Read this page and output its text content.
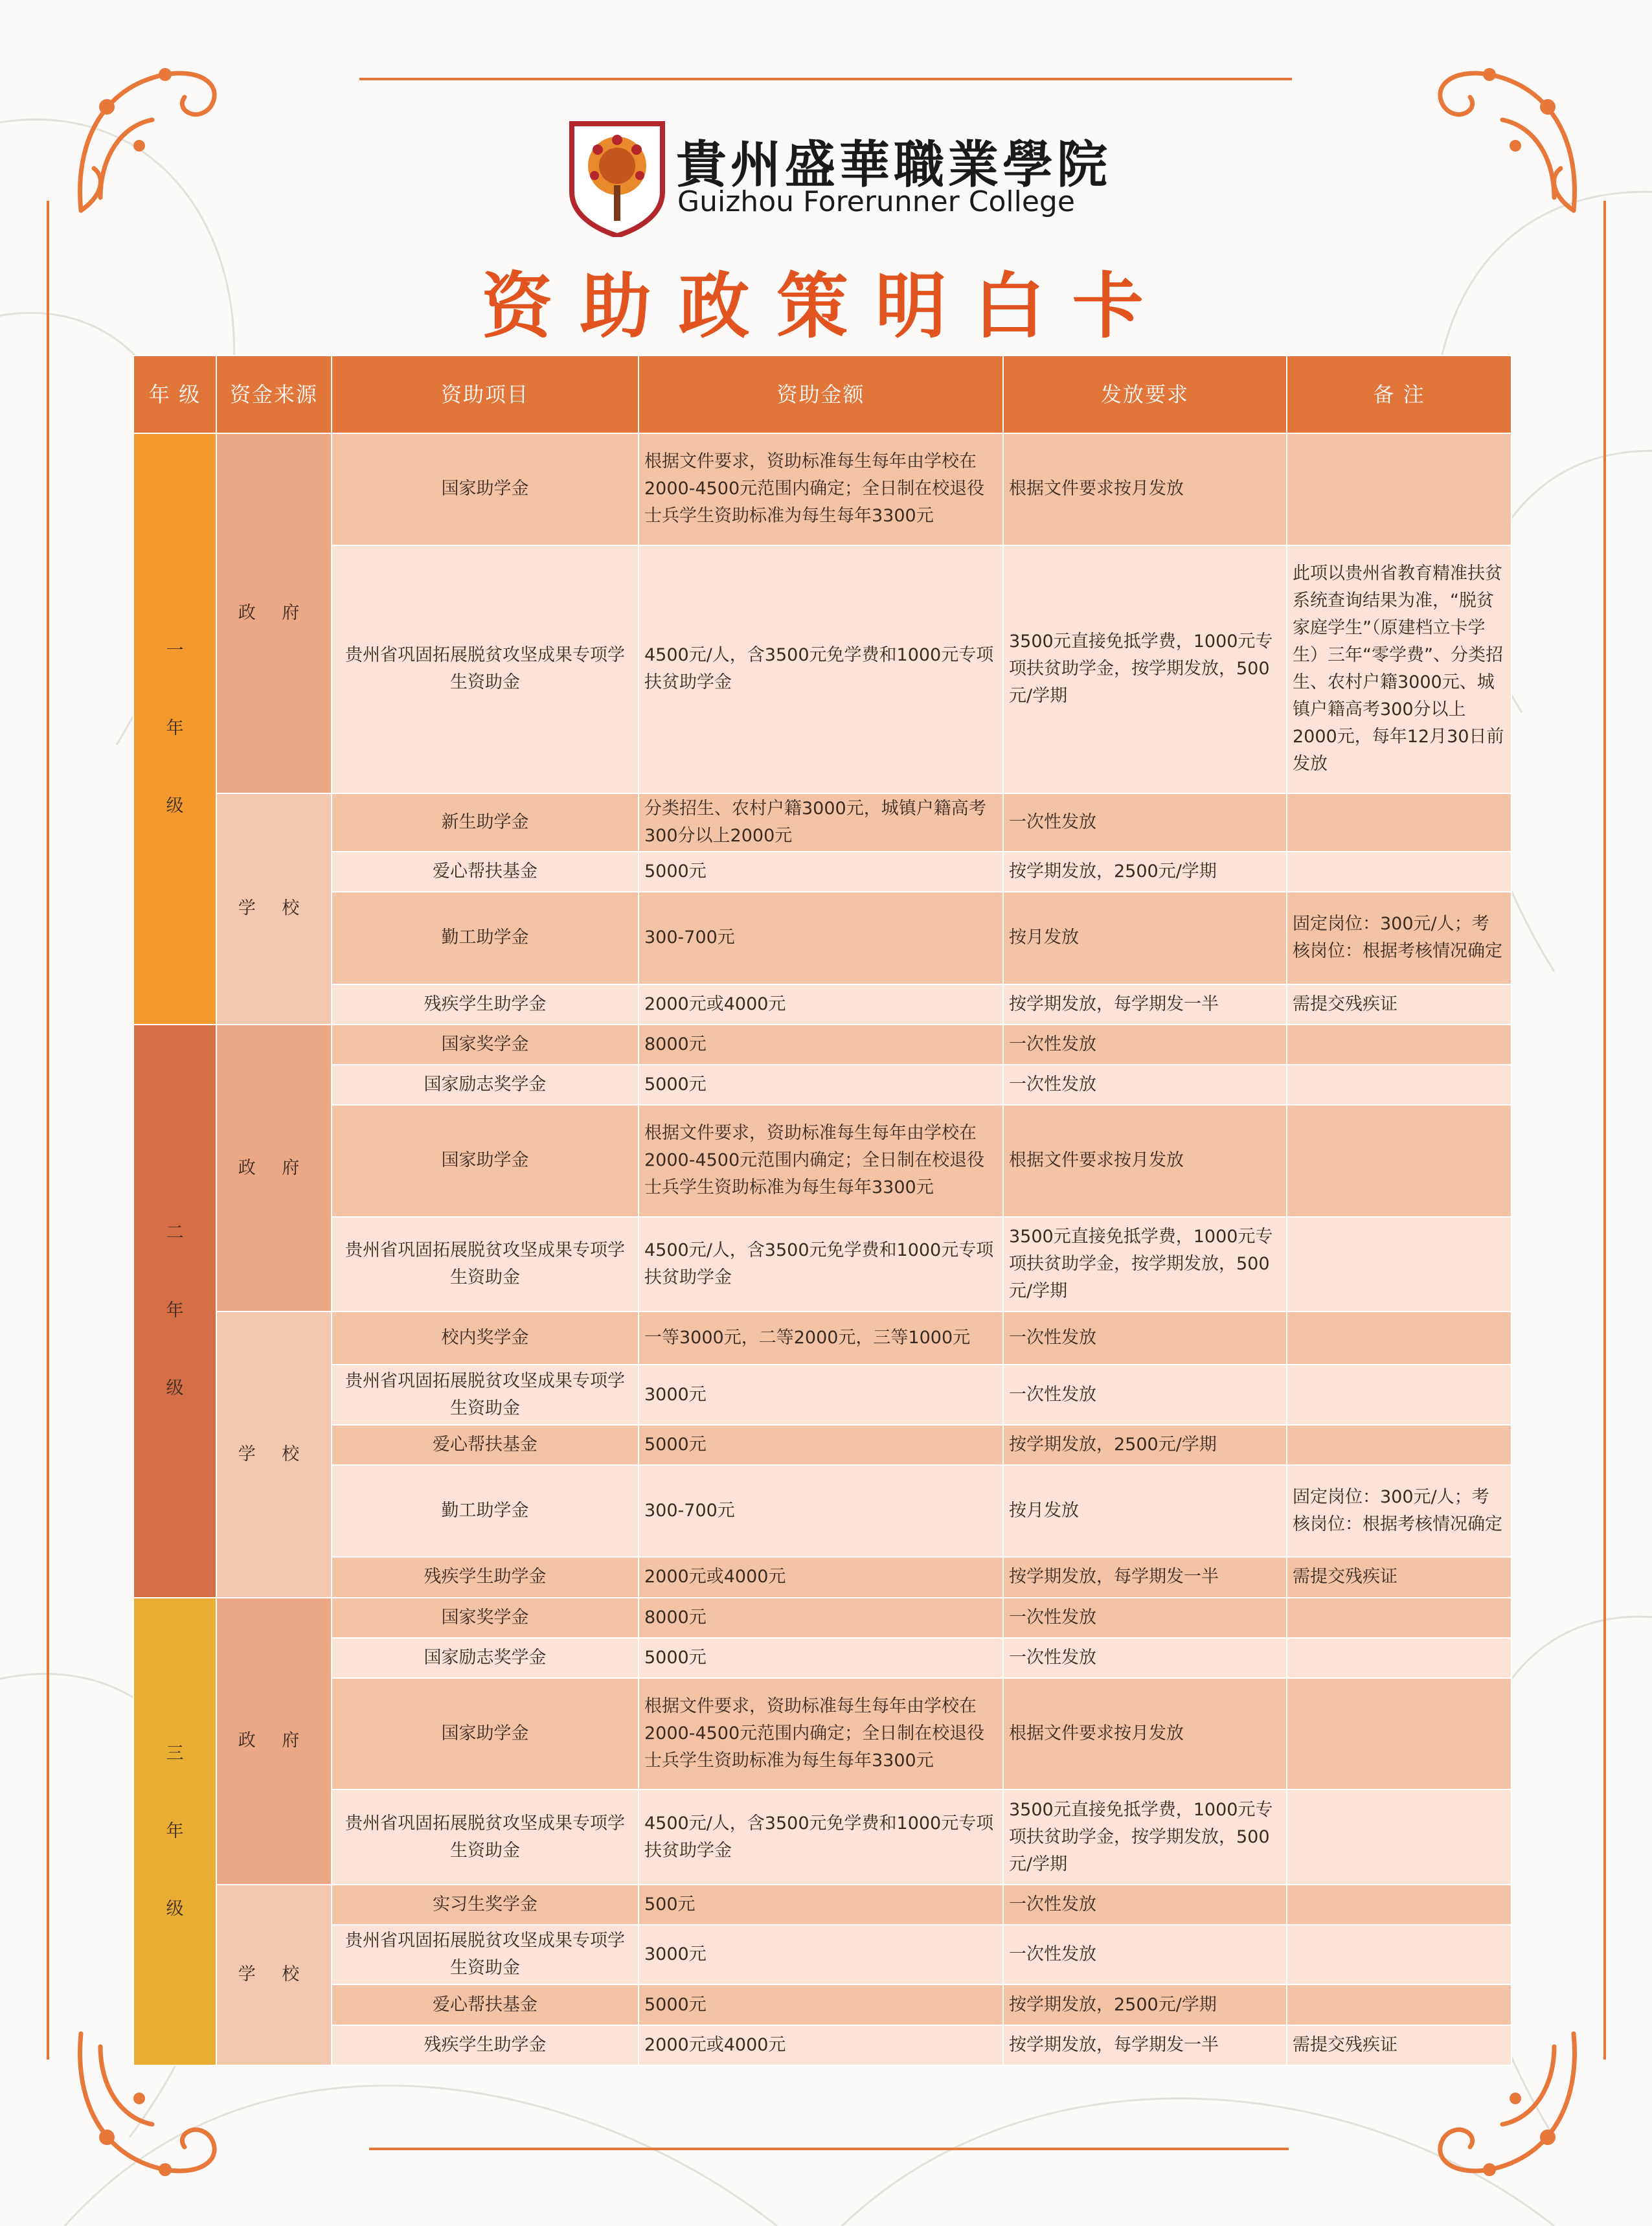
貴州盛華職業學院
Guizhou Forerunner College
资助政策明白卡
年 级	资金来源	资助项目	资助金额	发放要求	备 注

一
年
级	政 府	国家助学金	根据文件要求，资助标准每生每年由学校在2000-4500元范围内确定；全日制在校退役士兵学生资助标准为每生每年3300元	根据文件要求按月发放	
		贵州省巩固拓展脱贫攻坚成果专项学生资助金	4500元/人，含3500元免学费和1000元专项扶贫助学金	3500元直接免抵学费，1000元专项扶贫助学金，按学期发放，500元/学期	此项以贵州省教育精准扶贫系统查询结果为准，“脱贫家庭学生”（原建档立卡学生）三年“零学费”、分类招生、农村户籍3000元、城镇户籍高考300分以上2000元，每年12月30日前发放
	学 校	新生助学金	分类招生、农村户籍3000元，城镇户籍高考300分以上2000元	一次性发放	
		爱心帮扶基金	5000元	按学期发放，2500元/学期	
		勤工助学金	300-700元	按月发放	固定岗位：300元/人；考核岗位：根据考核情况确定
		残疾学生助学金	2000元或4000元	按学期发放，每学期发一半	需提交残疾证

二
年
级	政 府	国家奖学金	8000元	一次性发放	
		国家励志奖学金	5000元	一次性发放	
		国家助学金	根据文件要求，资助标准每生每年由学校在2000-4500元范围内确定；全日制在校退役士兵学生资助标准为每生每年3300元	根据文件要求按月发放	
		贵州省巩固拓展脱贫攻坚成果专项学生资助金	4500元/人，含3500元免学费和1000元专项扶贫助学金	3500元直接免抵学费，1000元专项扶贫助学金，按学期发放，500元/学期	
	学 校	校内奖学金	一等3000元，二等2000元，三等1000元	一次性发放	
		贵州省巩固拓展脱贫攻坚成果专项学生资助金	3000元	一次性发放	
		爱心帮扶基金	5000元	按学期发放，2500元/学期	
		勤工助学金	300-700元	按月发放	固定岗位：300元/人；考核岗位：根据考核情况确定
		残疾学生助学金	2000元或4000元	按学期发放，每学期发一半	需提交残疾证

三
年
级	政 府	国家奖学金	8000元	一次性发放	
		国家励志奖学金	5000元	一次性发放	
		国家助学金	根据文件要求，资助标准每生每年由学校在2000-4500元范围内确定；全日制在校退役士兵学生资助标准为每生每年3300元	根据文件要求按月发放	
		贵州省巩固拓展脱贫攻坚成果专项学生资助金	4500元/人，含3500元免学费和1000元专项扶贫助学金	3500元直接免抵学费，1000元专项扶贫助学金，按学期发放，500元/学期	
	学 校	实习生奖学金	500元	一次性发放	
		贵州省巩固拓展脱贫攻坚成果专项学生资助金	3000元	一次性发放	
		爱心帮扶基金	5000元	按学期发放，2500元/学期	
		残疾学生助学金	2000元或4000元	按学期发放，每学期发一半	需提交残疾证
